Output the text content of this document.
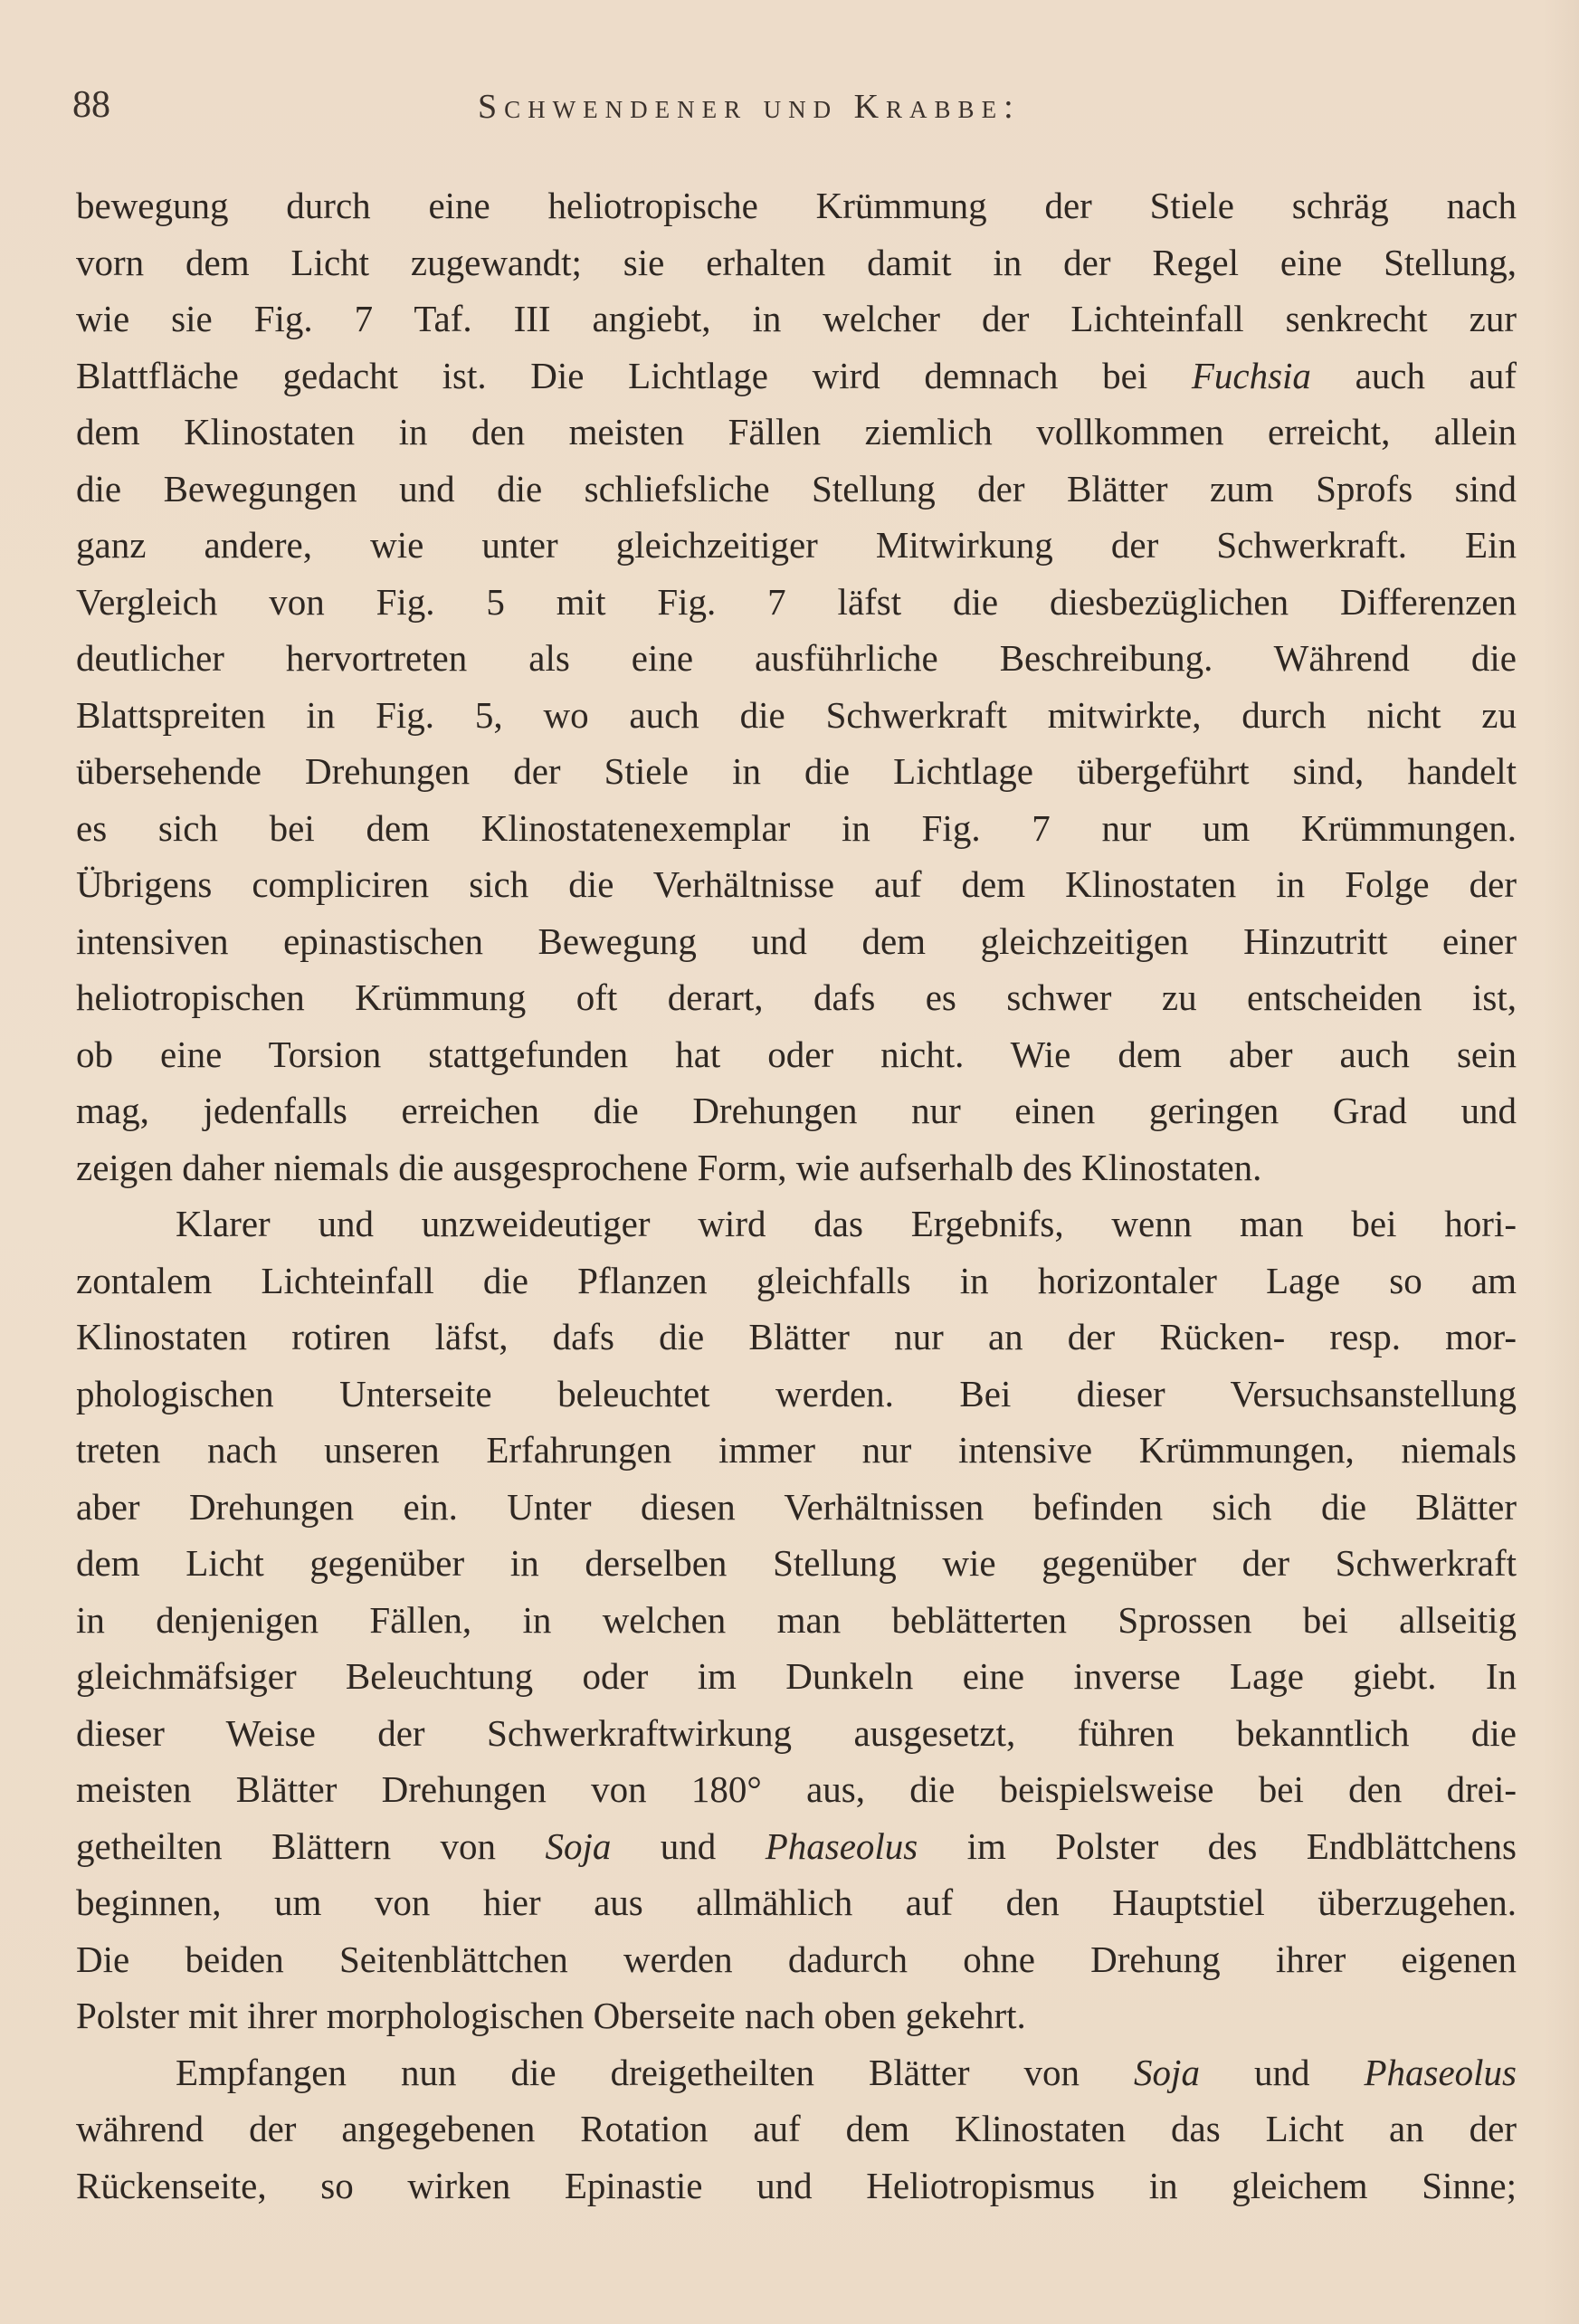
88	Schwendener und Krabbe:
bewegung durch eine heliotropische Krümmung der Stiele schräg nach
vorn dem Licht zugewandt; sie erhalten damit in der Regel eine Stellung,
wie sie Fig. 7 Taf. III angiebt, in welcher der Lichteinfall senkrecht zur
Blattfläche gedacht ist. Die Lichtlage wird demnach bei Fuchsia auch auf
dem Klinostaten in den meisten Fällen ziemlich vollkommen erreicht, allein
die Bewegungen und die schliefsliche Stellung der Blätter zum Sprofs sind
ganz andere, wie unter gleichzeitiger Mitwirkung der Schwerkraft. Ein
Vergleich von Fig. 5 mit Fig. 7 läfst die diesbezüglichen Differenzen
deutlicher hervortreten als eine ausführliche Beschreibung. Während die
Blattspreiten in Fig. 5, wo auch die Schwerkraft mitwirkte, durch nicht zu
übersehende Drehungen der Stiele in die Lichtlage übergeführt sind, handelt
es sich bei dem Klinostatenexemplar in Fig. 7 nur um Krümmungen.
Übrigens compliciren sich die Verhältnisse auf dem Klinostaten in Folge der
intensiven epinastischen Bewegung und dem gleichzeitigen Hinzutritt einer
heliotropischen Krümmung oft derart, dafs es schwer zu entscheiden ist,
ob eine Torsion stattgefunden hat oder nicht. Wie dem aber auch sein
mag, jedenfalls erreichen die Drehungen nur einen geringen Grad und
zeigen daher niemals die ausgesprochene Form, wie aufserhalb des Klinostaten.
Klarer und unzweideutiger wird das Ergebnifs, wenn man bei hori-
zontalem Lichteinfall die Pflanzen gleichfalls in horizontaler Lage so am
Klinostaten rotiren läfst, dafs die Blätter nur an der Rücken- resp. mor-
phologischen Unterseite beleuchtet werden. Bei dieser Versuchsanstellung
treten nach unseren Erfahrungen immer nur intensive Krümmungen, niemals
aber Drehungen ein. Unter diesen Verhältnissen befinden sich die Blätter
dem Licht gegenüber in derselben Stellung wie gegenüber der Schwerkraft
in denjenigen Fällen, in welchen man beblätterten Sprossen bei allseitig
gleichmäfsiger Beleuchtung oder im Dunkeln eine inverse Lage giebt. In
dieser Weise der Schwerkraftwirkung ausgesetzt, führen bekanntlich die
meisten Blätter Drehungen von 180° aus, die beispielsweise bei den drei-
getheilten Blättern von Soja und Phaseolus im Polster des Endblättchens
beginnen, um von hier aus allmählich auf den Hauptstiel überzugehen.
Die beiden Seitenblättchen werden dadurch ohne Drehung ihrer eigenen
Polster mit ihrer morphologischen Oberseite nach oben gekehrt.
Empfangen nun die dreigetheilten Blätter von Soja und Phaseolus
während der angegebenen Rotation auf dem Klinostaten das Licht an der
Rückenseite, so wirken Epinastie und Heliotropismus in gleichem Sinne;
